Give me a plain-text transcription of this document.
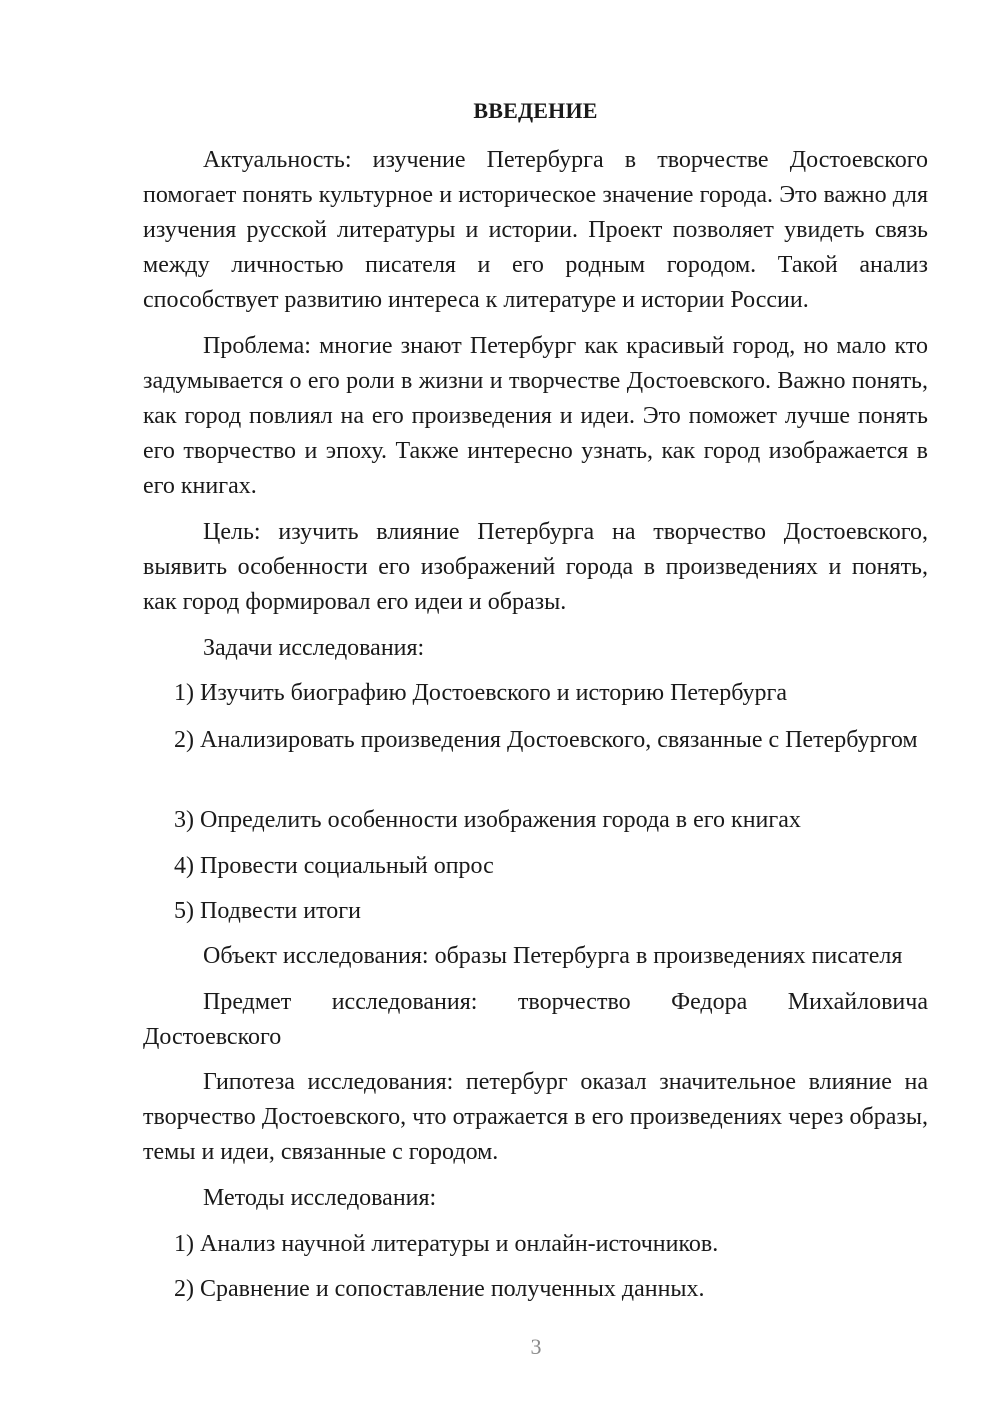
ВВЕДЕНИЕ

Актуальность: изучение Петербурга в творчестве Достоевского помогает понять культурное и историческое значение города. Это важно для изучения русской литературы и истории. Проект позволяет увидеть связь между личностью писателя и его родным городом. Такой анализ способствует развитию интереса к литературе и истории России.

Проблема: многие знают Петербург как красивый город, но мало кто задумывается о его роли в жизни и творчестве Достоевского. Важно понять, как город повлиял на его произведения и идеи. Это поможет лучше понять его творчество и эпоху. Также интересно узнать, как город изображается в его книгах.

Цель: изучить влияние Петербурга на творчество Достоевского, выявить особенности его изображений города в произведениях и понять, как город формировал его идеи и образы.

Задачи исследования:

1) Изучить биографию Достоевского и историю Петербурга

2) Анализировать произведения Достоевского, связанные с Петербургом

3) Определить особенности изображения города в его книгах

4) Провести социальный опрос

5) Подвести итоги

Объект исследования: образы Петербурга в произведениях писателя

Предмет исследования: творчество Федора Михайловича Достоевского

Гипотеза исследования: петербург оказал значительное влияние на творчество Достоевского, что отражается в его произведениях через образы, темы и идеи, связанные с городом.

Методы исследования:

1) Анализ научной литературы и онлайн-источников.

2) Сравнение и сопоставление полученных данных.

3
